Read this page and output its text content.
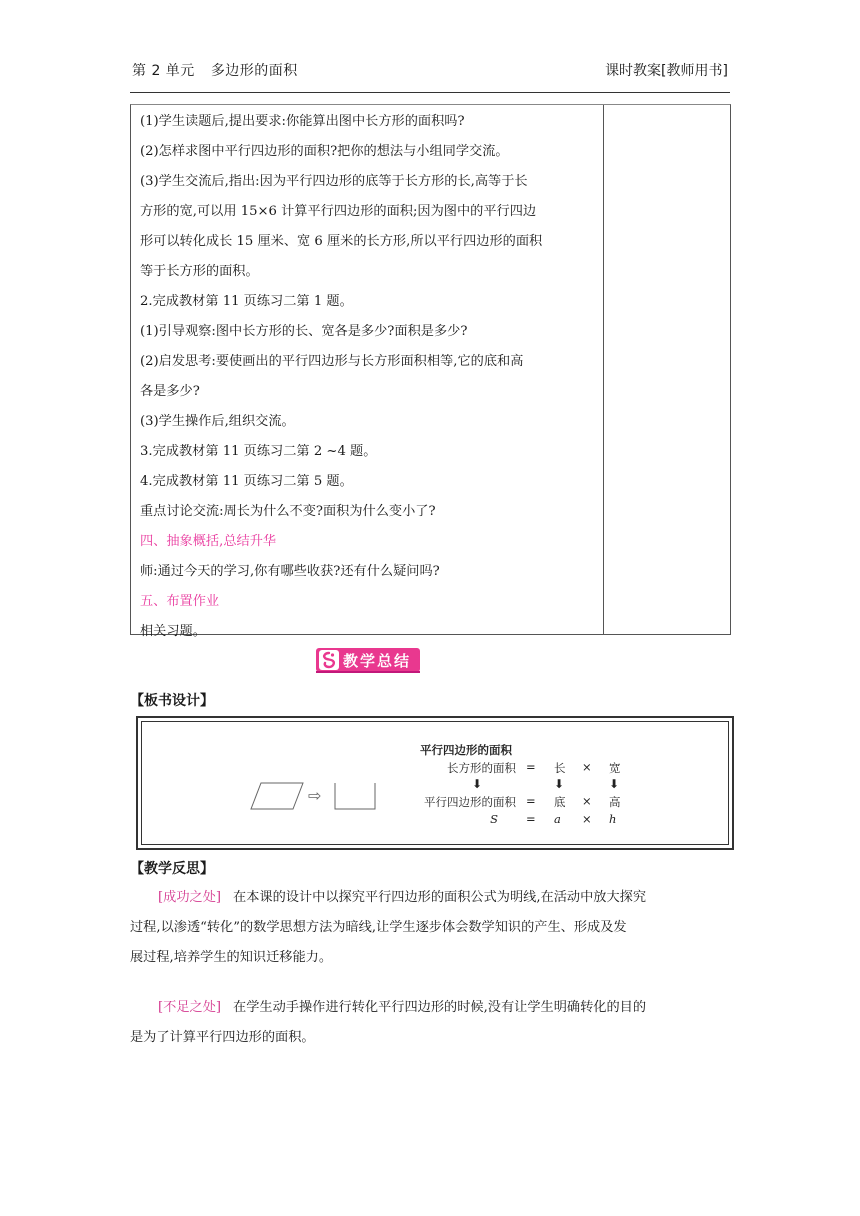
第 2 单元 多边形的面积	课时教案[教师用书]
(1)学生读题后,提出要求:你能算出图中长方形的面积吗?
(2)怎样求图中平行四边形的面积?把你的想法与小组同学交流。
(3)学生交流后,指出:因为平行四边形的底等于长方形的长,高等于长
方形的宽,可以用 15×6 计算平行四边形的面积;因为图中的平行四边
形可以转化成长 15 厘米、宽 6 厘米的长方形,所以平行四边形的面积
等于长方形的面积。
2.完成教材第 11 页练习二第 1 题。
(1)引导观察:图中长方形的长、宽各是多少?面积是多少?
(2)启发思考:要使画出的平行四边形与长方形面积相等,它的底和高
各是多少?
(3)学生操作后,组织交流。
3.完成教材第 11 页练习二第 2 ~4 题。
4.完成教材第 11 页练习二第 5 题。
重点讨论交流:周长为什么不变?面积为什么变小了?
四、抽象概括,总结升华
师:通过今天的学习,你有哪些收获?还有什么疑问吗?
五、布置作业
相关习题。
教学总结
【板书设计】
⇨
平行四边形的面积
长方形的面积 = 长 × 宽
⬇	⬇	⬇
平行四边形的面积 = 底 × 高
S = a × h
【教学反思】
[成功之处] 在本课的设计中以探究平行四边形的面积公式为明线,在活动中放大探究
过程,以渗透“转化”的数学思想方法为暗线,让学生逐步体会数学知识的产生、形成及发
展过程,培养学生的知识迁移能力。
[不足之处] 在学生动手操作进行转化平行四边形的时候,没有让学生明确转化的目的
是为了计算平行四边形的面积。
